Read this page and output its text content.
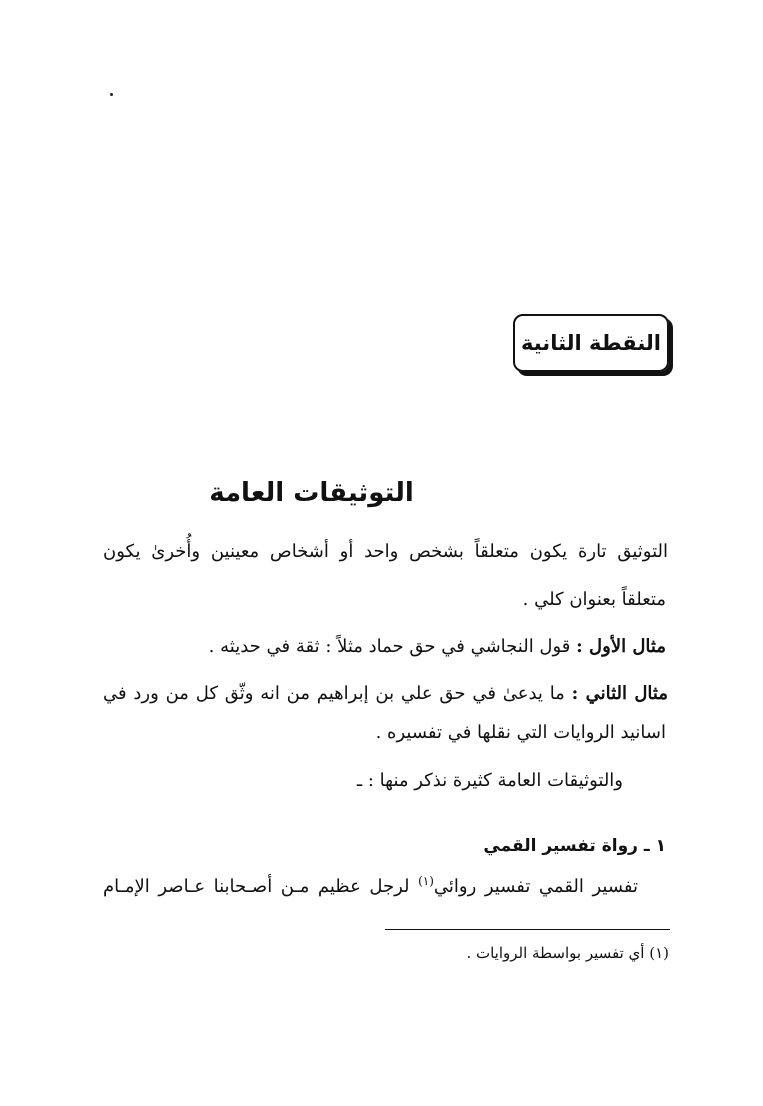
النقطة الثانية
التوثيقات العامة
التوثيق تارة يكون متعلقاً بشخص واحد أو أشخاص معينين وأُخرىٰ يكون
متعلقاً بعنوان كلي .
مثال الأول : قول النجاشي في حق حماد مثلاً : ثقة في حديثه .
مثال الثاني : ما يدعىٰ في حق علي بن إبراهيم من انه وثّق كل من ورد في
اسانيد الروايات التي نقلها في تفسيره .
والتوثيقات العامة كثيرة نذكر منها : ـ
١ ـ رواة تفسير القمي
تفسير القمي تفسير روائي$^{(١)}$ لرجل عظيم مـن أصـحابنا عـاصر الإمـام
(١) أي تفسير بواسطة الروايات .
